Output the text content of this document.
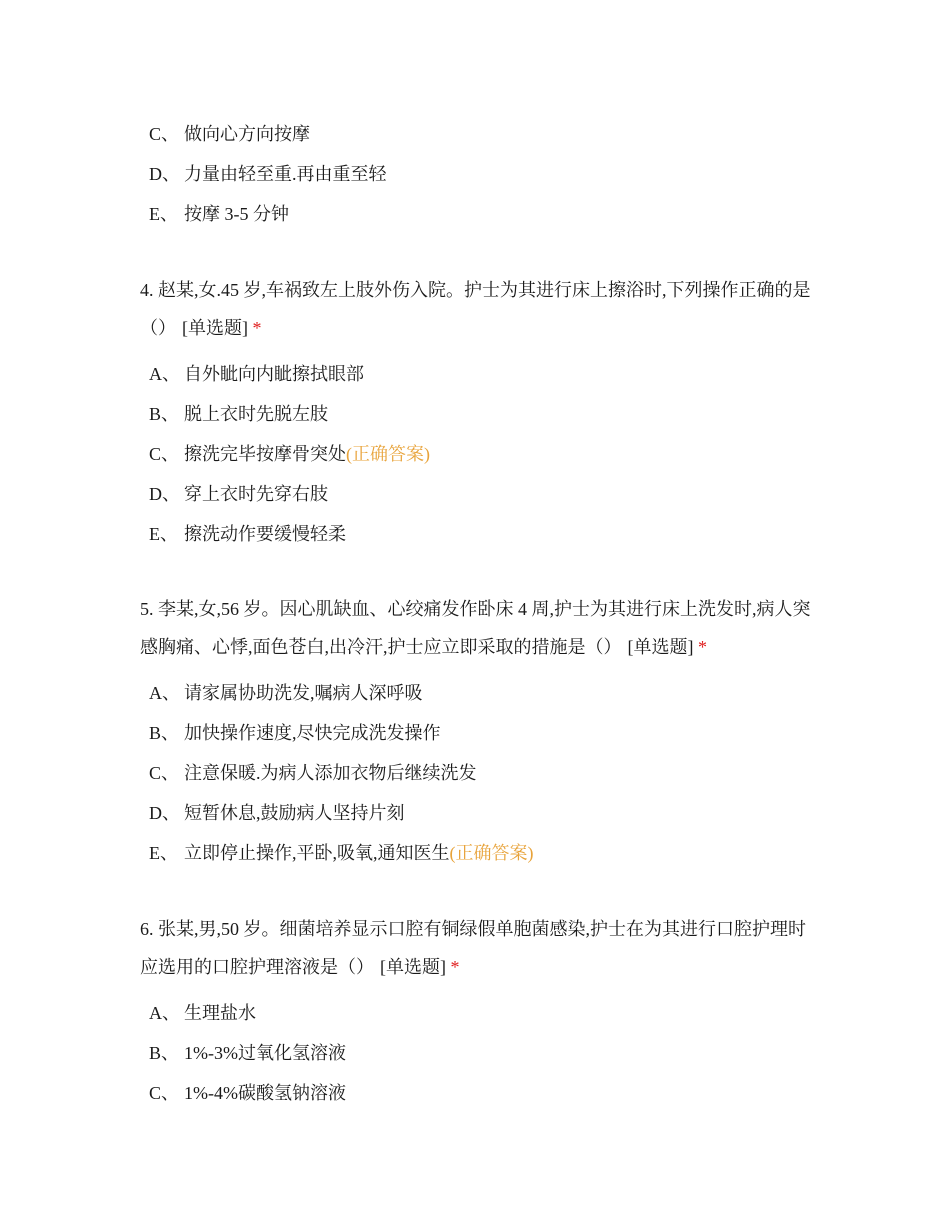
C、 做向心方向按摩
D、 力量由轻至重.再由重至轻
E、 按摩 3-5 分钟
4. 赵某,女.45 岁,车祸致左上肢外伤入院。护士为其进行床上擦浴时,下列操作正确的是（） [单选题] *
A、 自外眦向内眦擦拭眼部
B、 脱上衣时先脱左肢
C、 擦洗完毕按摩骨突处(正确答案)
D、 穿上衣时先穿右肢
E、 擦洗动作要缓慢轻柔
5. 李某,女,56 岁。因心肌缺血、心绞痛发作卧床 4 周,护士为其进行床上洗发时,病人突感胸痛、心悸,面色苍白,出冷汗,护士应立即采取的措施是（） [单选题] *
A、 请家属协助洗发,嘱病人深呼吸
B、 加快操作速度,尽快完成洗发操作
C、 注意保暖.为病人添加衣物后继续洗发
D、 短暂休息,鼓励病人坚持片刻
E、 立即停止操作,平卧,吸氧,通知医生(正确答案)
6. 张某,男,50 岁。细菌培养显示口腔有铜绿假单胞菌感染,护士在为其进行口腔护理时应选用的口腔护理溶液是（） [单选题] *
A、 生理盐水
B、 1%-3%过氧化氢溶液
C、 1%-4%碳酸氢钠溶液
